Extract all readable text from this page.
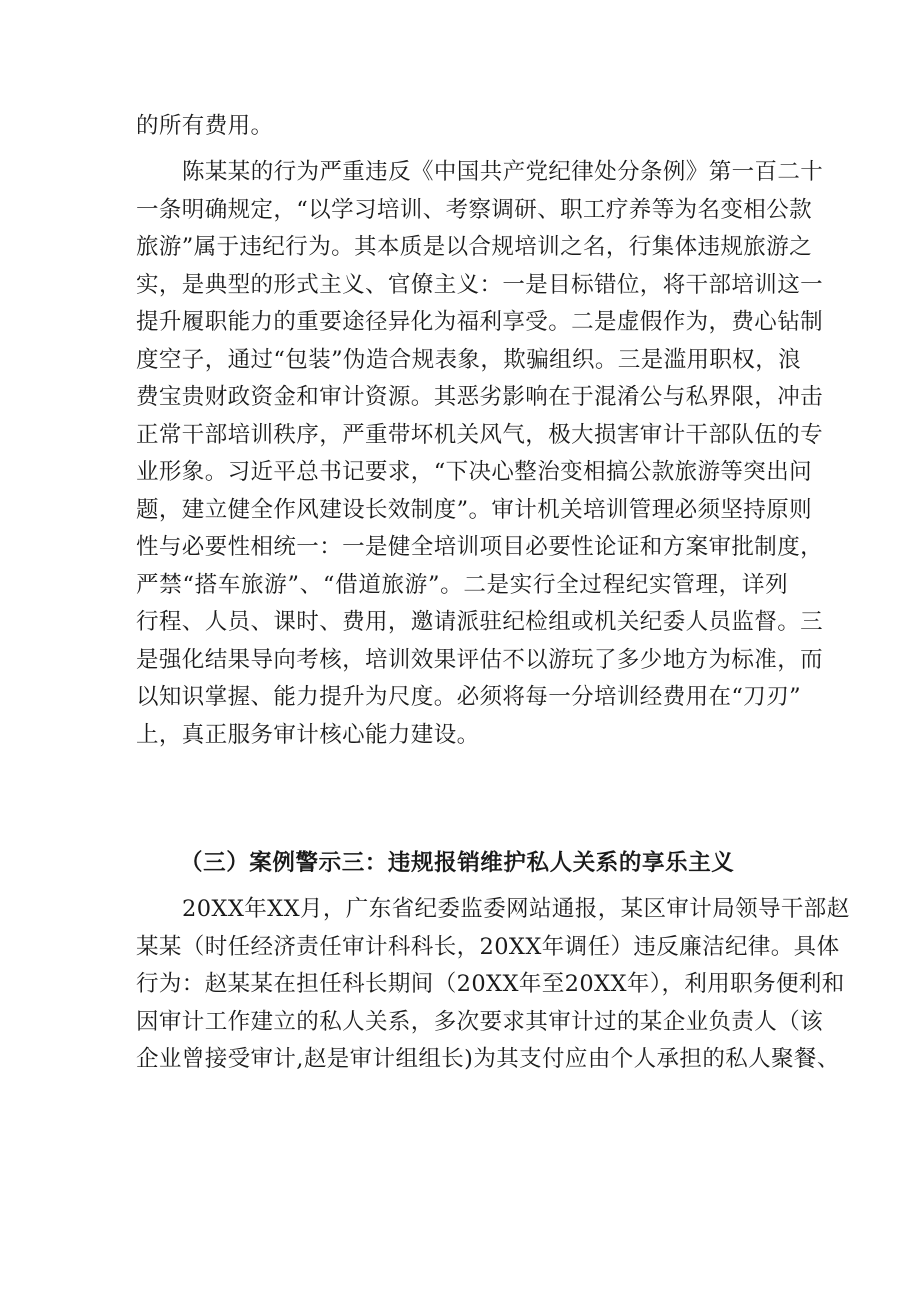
的所有费用。
陈某某的行为严重违反《中国共产党纪律处分条例》第一百二十
一条明确规定，“以学习培训、考察调研、职工疗养等为名变相公款
旅游”属于违纪行为。其本质是以合规培训之名，行集体违规旅游之
实，是典型的形式主义、官僚主义：一是目标错位，将干部培训这一
提升履职能力的重要途径异化为福利享受。二是虚假作为，费心钻制
度空子，通过“包装”伪造合规表象，欺骗组织。三是滥用职权，浪
费宝贵财政资金和审计资源。其恶劣影响在于混淆公与私界限，冲击
正常干部培训秩序，严重带坏机关风气，极大损害审计干部队伍的专
业形象。习近平总书记要求，“下决心整治变相搞公款旅游等突出问
题，建立健全作风建设长效制度”。审计机关培训管理必须坚持原则
性与必要性相统一：一是健全培训项目必要性论证和方案审批制度，
严禁“搭车旅游”、“借道旅游”。二是实行全过程纪实管理，详列
行程、人员、课时、费用，邀请派驻纪检组或机关纪委人员监督。三
是强化结果导向考核，培训效果评估不以游玩了多少地方为标准，而
以知识掌握、能力提升为尺度。必须将每一分培训经费用在“刀刃”
上，真正服务审计核心能力建设。
（三）案例警示三：违规报销维护私人关系的享乐主义
20XX年XX月，广东省纪委监委网站通报，某区审计局领导干部赵
某某（时任经济责任审计科科长，20XX年调任）违反廉洁纪律。具体
行为：赵某某在担任科长期间（20XX年至20XX年），利用职务便利和
因审计工作建立的私人关系，多次要求其审计过的某企业负责人（该
企业曾接受审计,赵是审计组组长)为其支付应由个人承担的私人聚餐、
